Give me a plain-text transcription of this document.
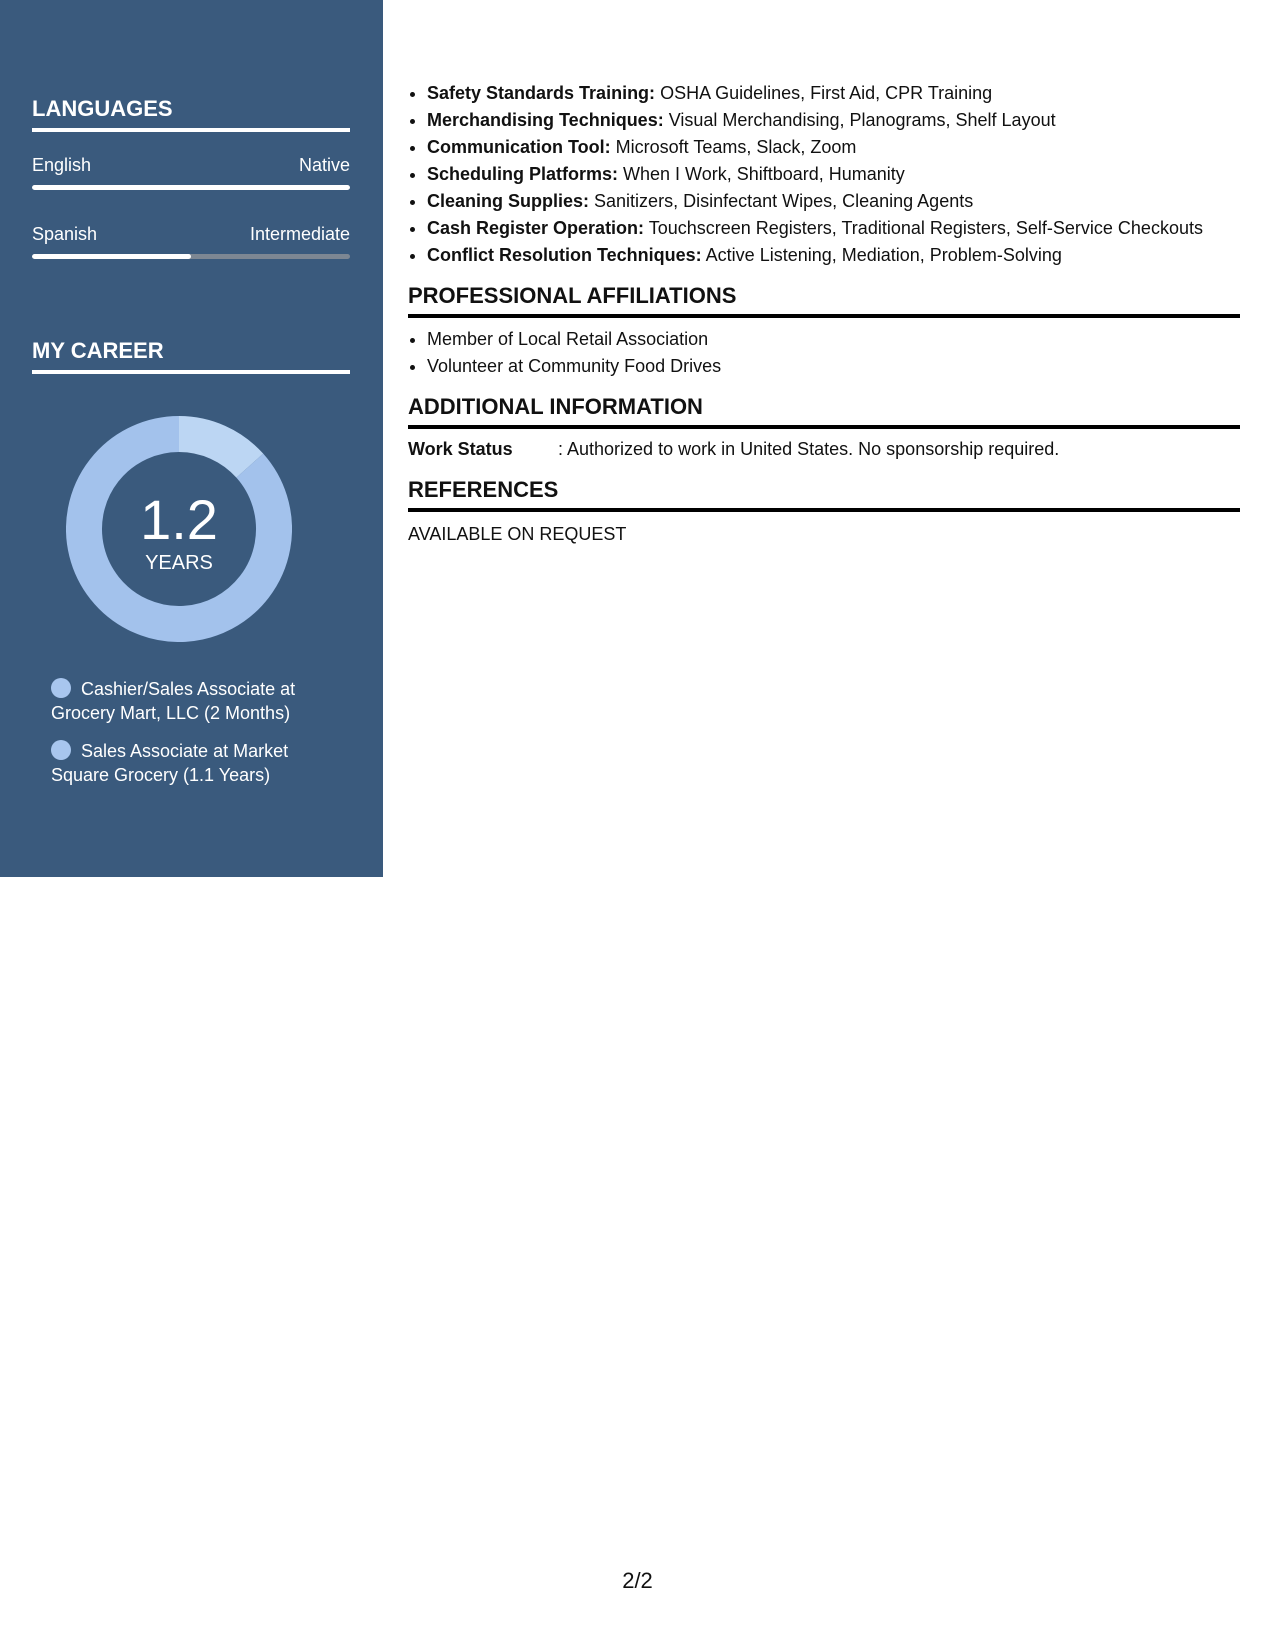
LANGUAGES
English	Native
Spanish	Intermediate
MY CAREER
1.2
YEARS
Cashier/Sales Associate at Grocery Mart, LLC (2 Months)
Sales Associate at Market Square Grocery (1.1 Years)
• Safety Standards Training: OSHA Guidelines, First Aid, CPR Training
• Merchandising Techniques: Visual Merchandising, Planograms, Shelf Layout
• Communication Tool: Microsoft Teams, Slack, Zoom
• Scheduling Platforms: When I Work, Shiftboard, Humanity
• Cleaning Supplies: Sanitizers, Disinfectant Wipes, Cleaning Agents
• Cash Register Operation: Touchscreen Registers, Traditional Registers, Self-Service Checkouts
• Conflict Resolution Techniques: Active Listening, Mediation, Problem-Solving
PROFESSIONAL AFFILIATIONS
• Member of Local Retail Association
• Volunteer at Community Food Drives
ADDITIONAL INFORMATION
Work Status	: Authorized to work in United States. No sponsorship required.
REFERENCES
AVAILABLE ON REQUEST
2/2
